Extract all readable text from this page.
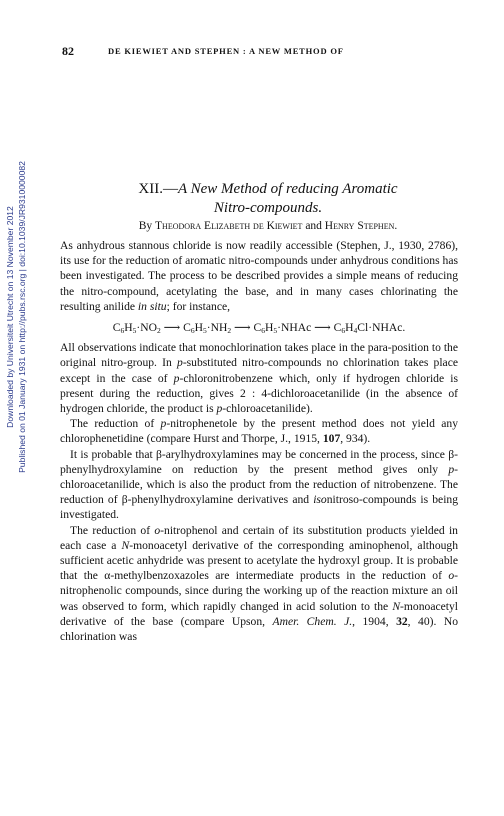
82	DE KIEWIET AND STEPHEN : A NEW METHOD OF
Downloaded by Universiteit Utrecht on 13 November 2012 Published on 01 January 1931 on http://pubs.rsc.org | doi:10.1039/JR9310000082	XII.—A New Method of reducing Aromatic
Nitro-compounds.
By Theodora Elizabeth de Kiewiet and Henry Stephen.

As anhydrous stannous chloride is now readily accessible (Stephen, J., 1930, 2786), its use for the reduction of aromatic nitro-compounds under anhydrous conditions has been investigated. The process to be described provides a simple means of reducing the nitro-compound, acetylating the base, and in many cases chlorinating the resulting anilide in situ; for instance,

$C_6H_5\cdot NO_2$ ⟶ $C_6H_5\cdot NH_2$ ⟶ $C_6H_5\cdot NHAc$ ⟶ $C_6H_4Cl\cdot NHAc$.

All observations indicate that monochlorination takes place in the para-position to the original nitro-group. In p-substituted nitro-compounds no chlorination takes place except in the case of p-chloronitrobenzene which, only if hydrogen chloride is present during the reduction, gives 2 : 4-dichloroacetanilide (in the absence of hydrogen chloride, the product is p-chloroacetanilide).

The reduction of p-nitrophenetole by the present method does not yield any chlorophenetidine (compare Hurst and Thorpe, J., 1915, 107, 934).

It is probable that β-arylhydroxylamines may be concerned in the process, since β-phenylhydroxylamine on reduction by the present method gives only p-chloroacetanilide, which is also the product from the reduction of nitrobenzene. The reduction of β-phenylhydroxylamine derivatives and isonitroso-compounds is being investigated.

The reduction of o-nitrophenol and certain of its substitution products yielded in each case a N-monoacetyl derivative of the corresponding aminophenol, although sufficient acetic anhydride was present to acetylate the hydroxyl group. It is probable that the α-methylbenzoxazoles are intermediate products in the reduction of o-nitrophenolic compounds, since during the working up of the reaction mixture an oil was observed to form, which rapidly changed in acid solution to the N-monoacetyl derivative of the base (compare Upson, Amer. Chem. J., 1904, 32, 40). No chlorination was
